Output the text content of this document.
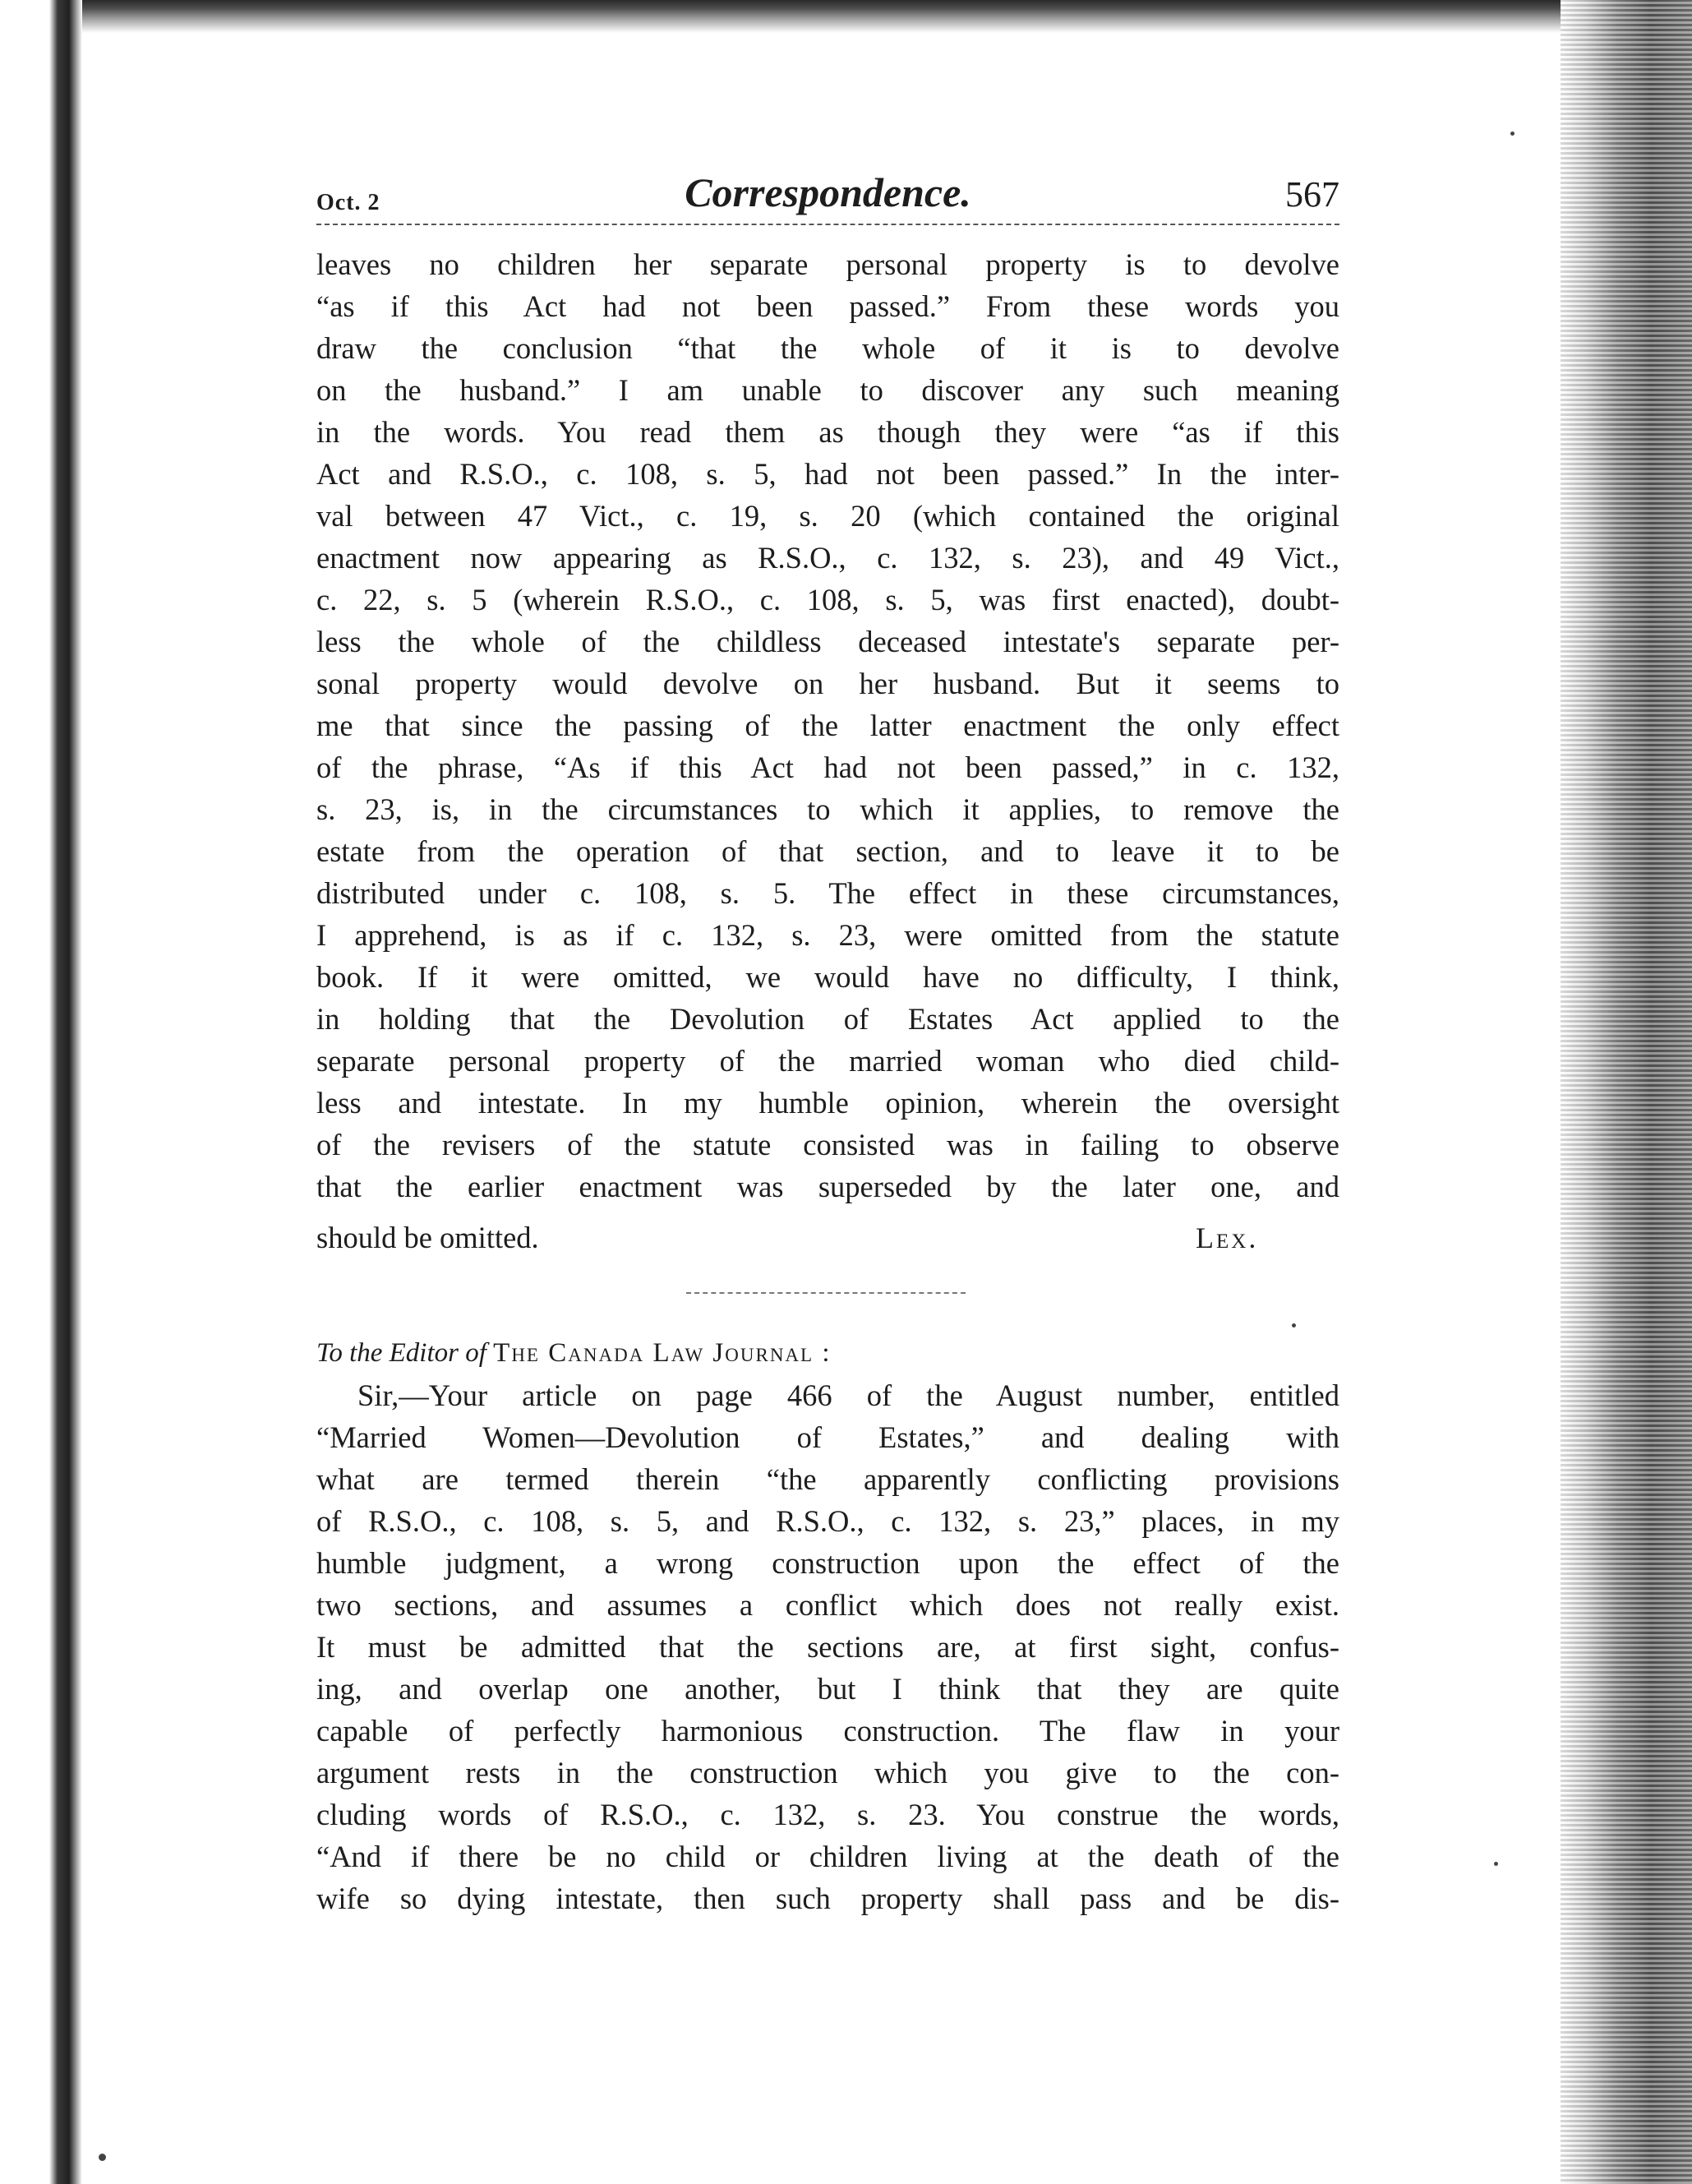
Oct. 2	Correspondence.	567
leaves no children her separate personal property is to devolve
“as if this Act had not been passed.” From these words you
draw the conclusion “that the whole of it is to devolve
on the husband.” I am unable to discover any such meaning
in the words. You read them as though they were “as if this
Act and R.S.O., c. 108, s. 5, had not been passed.” In the inter-
val between 47 Vict., c. 19, s. 20 (which contained the original
enactment now appearing as R.S.O., c. 132, s. 23), and 49 Vict.,
c. 22, s. 5 (wherein R.S.O., c. 108, s. 5, was first enacted), doubt-
less the whole of the childless deceased intestate's separate per-
sonal property would devolve on her husband. But it seems to
me that since the passing of the latter enactment the only effect
of the phrase, “As if this Act had not been passed,” in c. 132,
s. 23, is, in the circumstances to which it applies, to remove the
estate from the operation of that section, and to leave it to be
distributed under c. 108, s. 5. The effect in these circumstances,
I apprehend, is as if c. 132, s. 23, were omitted from the statute
book. If it were omitted, we would have no difficulty, I think,
in holding that the Devolution of Estates Act applied to the
separate personal property of the married woman who died child-
less and intestate. In my humble opinion, wherein the oversight
of the revisers of the statute consisted was in failing to observe
that the earlier enactment was superseded by the later one, and
should be omitted.	Lex.
To the Editor of The Canada Law Journal :
Sir,—Your article on page 466 of the August number, entitled
“Married Women—Devolution of Estates,” and dealing with
what are termed therein “the apparently conflicting provisions
of R.S.O., c. 108, s. 5, and R.S.O., c. 132, s. 23,” places, in my
humble judgment, a wrong construction upon the effect of the
two sections, and assumes a conflict which does not really exist.
It must be admitted that the sections are, at first sight, confus-
ing, and overlap one another, but I think that they are quite
capable of perfectly harmonious construction. The flaw in your
argument rests in the construction which you give to the con-
cluding words of R.S.O., c. 132, s. 23. You construe the words,
“And if there be no child or children living at the death of the
wife so dying intestate, then such property shall pass and be dis-
